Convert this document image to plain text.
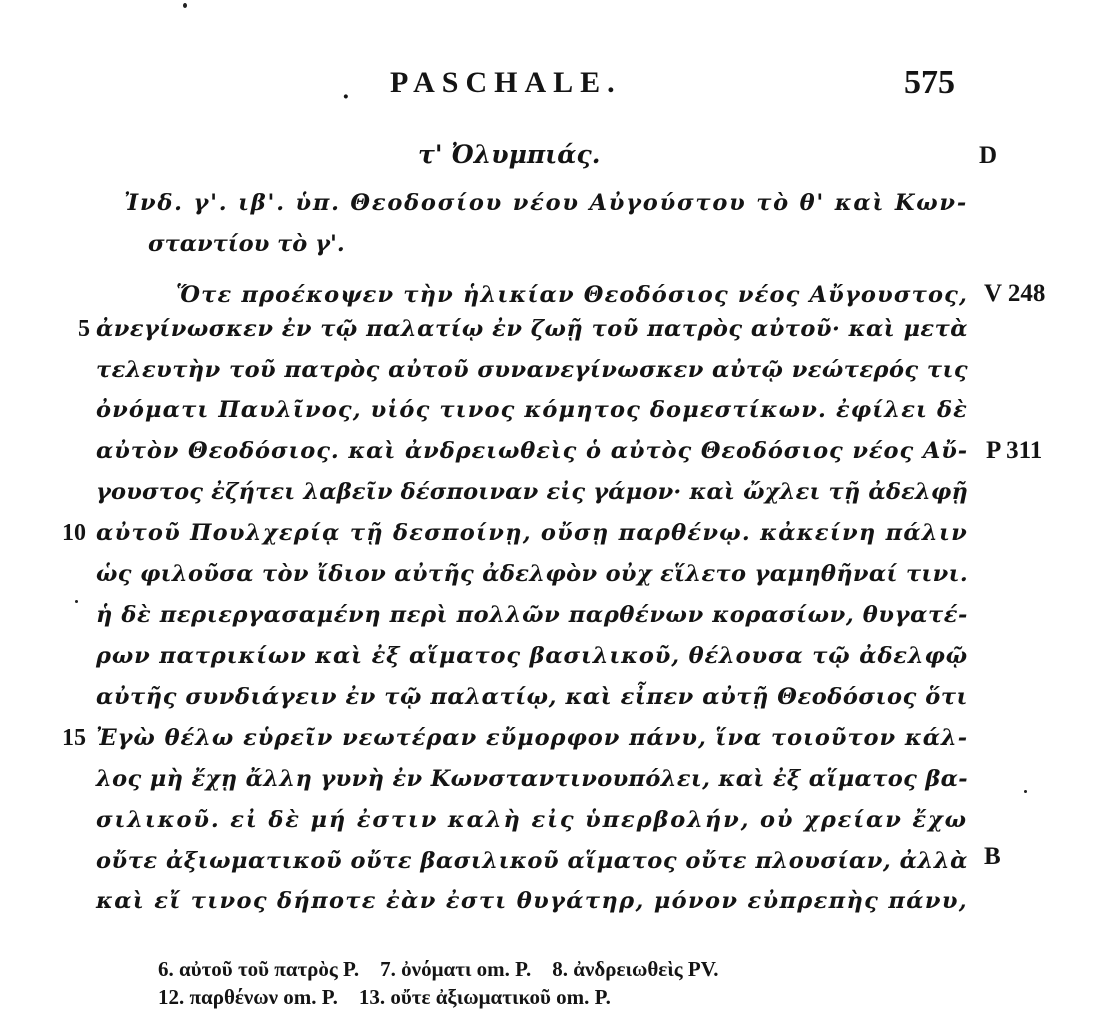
· PASCHALE.	575
τ' Ὀλυμπιάς.	D
V 248
P 311
B
5
10
15
Ἰνδ. γ'. ιβ'. ὑπ. Θεοδοσίου νέου Αὐγούστου τὸ θ' καὶ Κων-
σταντίου τὸ γ'.
Ὅτε προέκοψεν τὴν ἡλικίαν Θεοδόσιος νέος Αὔγουστος,
ἀνεγίνωσκεν ἐν τῷ παλατίῳ ἐν ζωῇ τοῦ πατρὸς αὐτοῦ· καὶ μετὰ
τελευτὴν τοῦ πατρὸς αὐτοῦ συνανεγίνωσκεν αὐτῷ νεώτερός τις
ὀνόματι Παυλῖνος, υἱός τινος κόμητος δομεστίκων. ἐφίλει δὲ
αὐτὸν Θεοδόσιος. καὶ ἀνδρειωθεὶς ὁ αὐτὸς Θεοδόσιος νέος Αὔ-
γουστος ἐζήτει λαβεῖν δέσποιναν εἰς γάμον· καὶ ὤχλει τῇ ἀδελφῇ
αὐτοῦ Πουλχερίᾳ τῇ δεσποίνῃ, οὔσῃ παρθένῳ. κἀκείνη πάλιν
ὡς φιλοῦσα τὸν ἴδιον αὐτῆς ἀδελφὸν οὐχ εἵλετο γαμηθῆναί τινι.
ἡ δὲ περιεργασαμένη περὶ πολλῶν παρθένων κορασίων, θυγατέ-
ρων πατρικίων καὶ ἐξ αἵματος βασιλικοῦ, θέλουσα τῷ ἀδελφῷ
αὐτῆς συνδιάγειν ἐν τῷ παλατίῳ, καὶ εἶπεν αὐτῇ Θεοδόσιος ὅτι
Ἐγὼ θέλω εὑρεῖν νεωτέραν εὔμορφον πάνυ, ἵνα τοιοῦτον κάλ-
λος μὴ ἔχῃ ἄλλη γυνὴ ἐν Κωνσταντινουπόλει, καὶ ἐξ αἵματος βα-
σιλικοῦ. εἰ δὲ μή ἐστιν καλὴ εἰς ὑπερβολήν, οὐ χρείαν ἔχω
οὔτε ἀξιωματικοῦ οὔτε βασιλικοῦ αἵματος οὔτε πλουσίαν, ἀλλὰ
καὶ εἴ τινος δήποτε ἐὰν ἐστι θυγάτηρ, μόνον εὐπρεπὴς πάνυ,
6. αὐτοῦ τοῦ πατρὸς P.    7. ὀνόματι om. P.    8. ἀνδρειωθεὶς PV.
12. παρθένων om. P.    13. οὔτε ἀξιωματικοῦ om. P.
